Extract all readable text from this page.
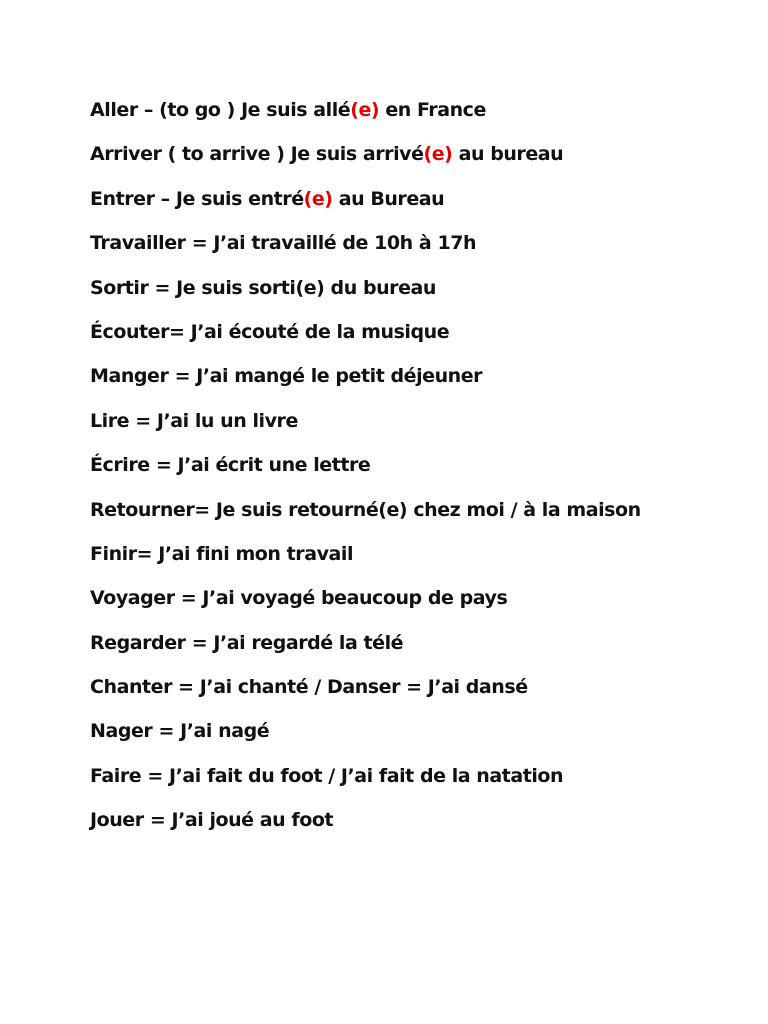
Aller – (to go ) Je suis allé(e) en France
Arriver ( to arrive ) Je suis arrivé(e) au bureau
Entrer – Je suis entré(e) au Bureau
Travailler = J’ai travaillé de 10h à 17h
Sortir = Je suis sorti(e) du bureau
Écouter= J’ai écouté de la musique
Manger = J’ai mangé le petit déjeuner
Lire = J’ai lu un livre
Écrire = J’ai écrit une lettre
Retourner= Je suis retourné(e) chez moi / à la maison
Finir= J’ai fini mon travail
Voyager = J’ai voyagé beaucoup de pays
Regarder = J’ai regardé la télé
Chanter = J’ai chanté / Danser = J’ai dansé
Nager = J’ai nagé
Faire = J’ai fait du foot / J’ai fait de la natation
Jouer = J’ai joué au foot
